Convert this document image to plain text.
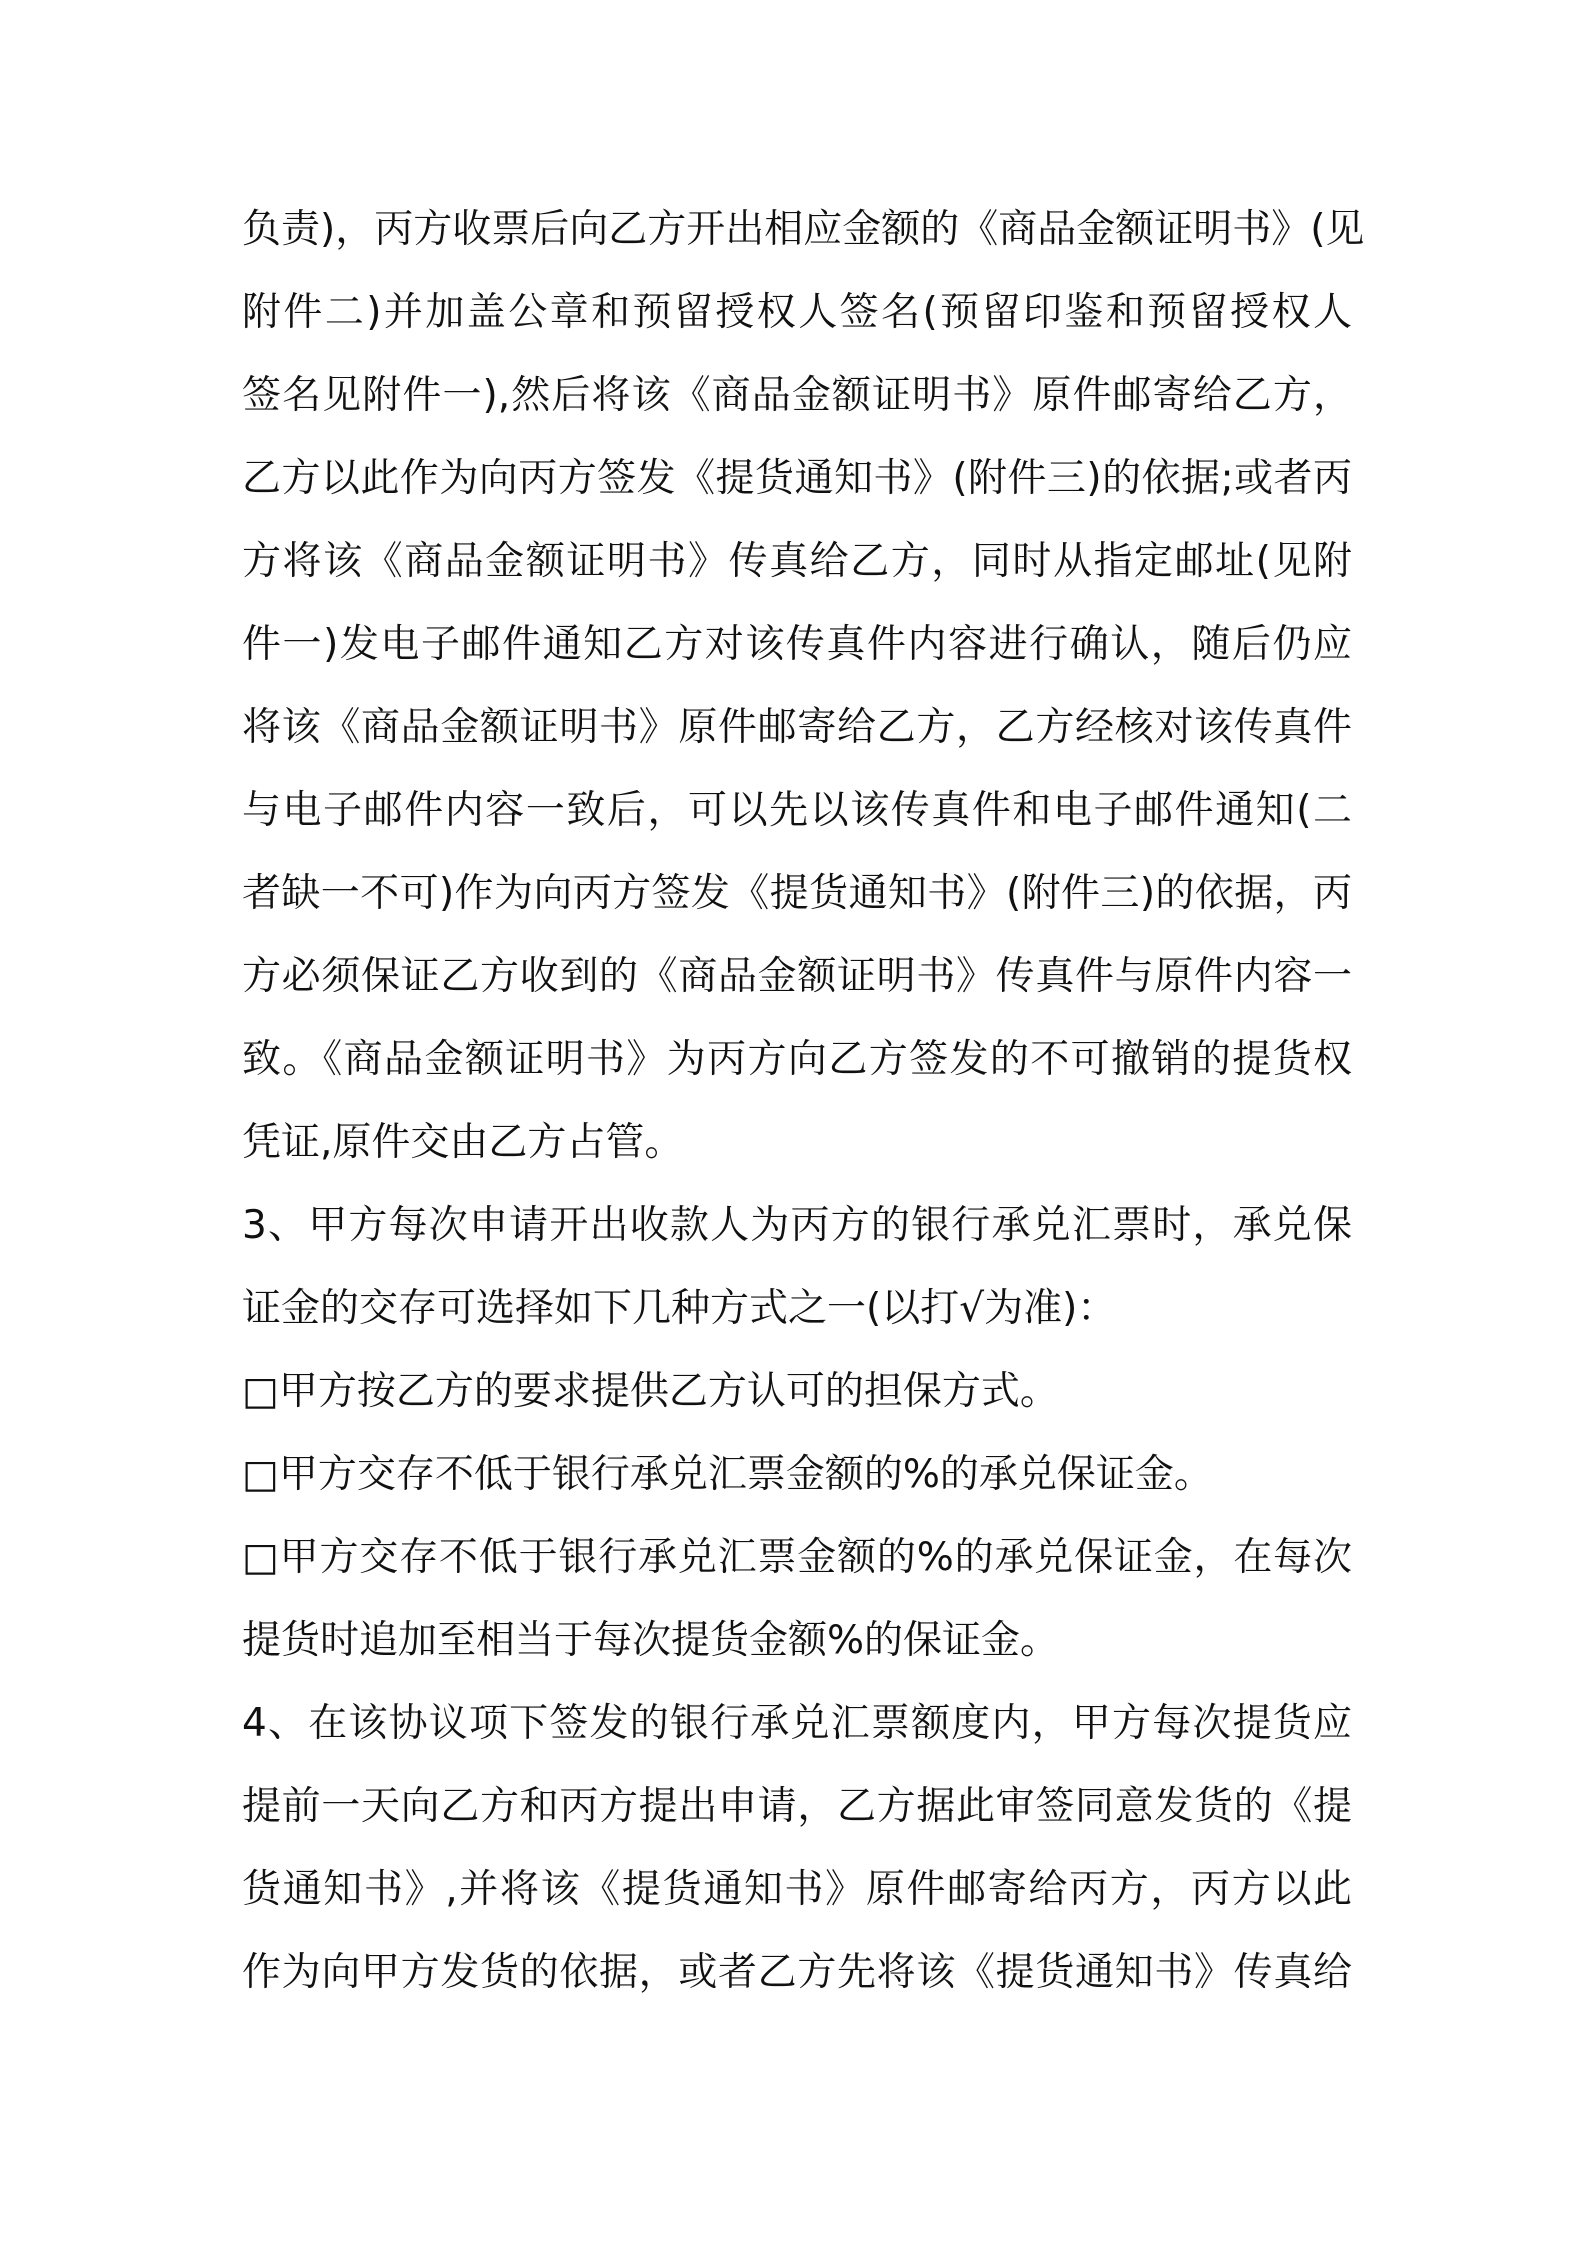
负责)，丙方收票后向乙方开出相应金额的《商品金额证明书》(见
附件二)并加盖公章和预留授权人签名(预留印鉴和预留授权人
签名见附件一),然后将该《商品金额证明书》原件邮寄给乙方，
乙方以此作为向丙方签发《提货通知书》(附件三)的依据;或者丙
方将该《商品金额证明书》传真给乙方，同时从指定邮址(见附
件一)发电子邮件通知乙方对该传真件内容进行确认，随后仍应
将该《商品金额证明书》原件邮寄给乙方，乙方经核对该传真件
与电子邮件内容一致后，可以先以该传真件和电子邮件通知(二
者缺一不可)作为向丙方签发《提货通知书》(附件三)的依据，丙
方必须保证乙方收到的《商品金额证明书》传真件与原件内容一
致。《商品金额证明书》为丙方向乙方签发的不可撤销的提货权
凭证,原件交由乙方占管。
3、甲方每次申请开出收款人为丙方的银行承兑汇票时，承兑保
证金的交存可选择如下几种方式之一(以打√为准)：
□甲方按乙方的要求提供乙方认可的担保方式。
□甲方交存不低于银行承兑汇票金额的%的承兑保证金。
□甲方交存不低于银行承兑汇票金额的%的承兑保证金，在每次
提货时追加至相当于每次提货金额%的保证金。
4、在该协议项下签发的银行承兑汇票额度内，甲方每次提货应
提前一天向乙方和丙方提出申请，乙方据此审签同意发货的《提
货通知书》,并将该《提货通知书》原件邮寄给丙方，丙方以此
作为向甲方发货的依据，或者乙方先将该《提货通知书》传真给
